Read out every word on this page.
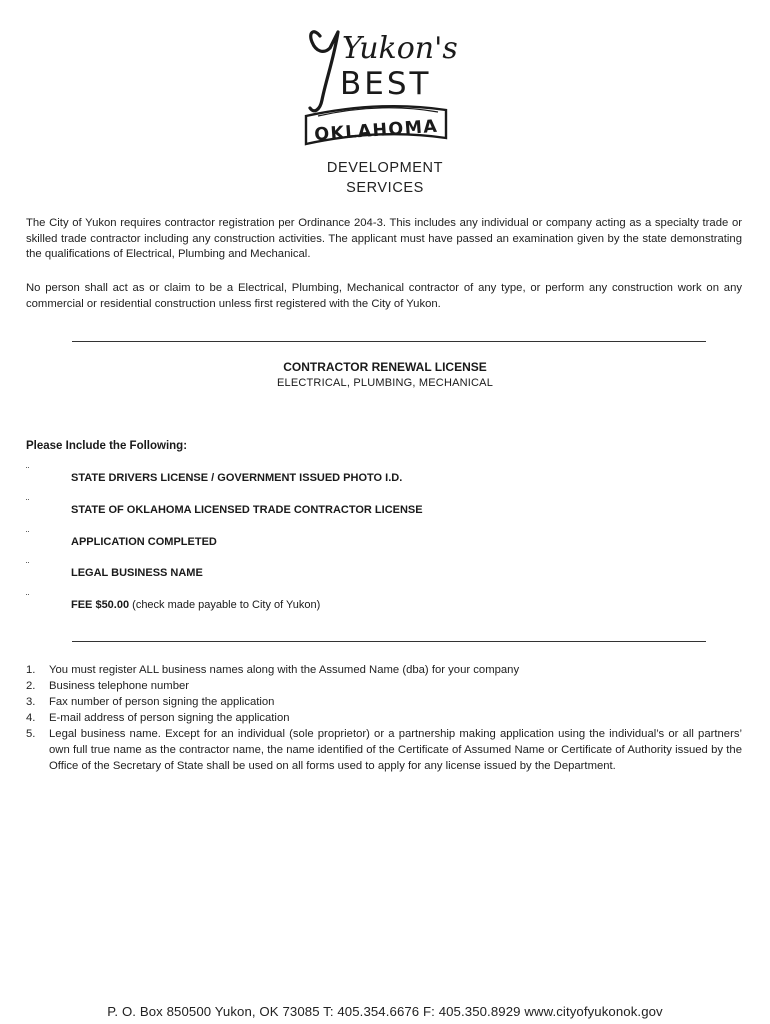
Yukon's
BEST
OKLAHOMA
DEVELOPMENT
SERVICES
The City of Yukon requires contractor registration per Ordinance 204-3. This includes any individual or company acting as a specialty trade or skilled trade contractor including any construction activities. The applicant must have passed an examination given by the state demonstrating the qualifications of Electrical, Plumbing and Mechanical.
No person shall act as or claim to be a Electrical, Plumbing, Mechanical contractor of any type, or perform any construction work on any commercial or residential construction unless first registered with the City of Yukon.
CONTRACTOR RENEWAL LICENSE
ELECTRICAL, PLUMBING, MECHANICAL
Please Include the Following:
¨
STATE DRIVERS LICENSE / GOVERNMENT ISSUED PHOTO I.D.
¨
STATE OF OKLAHOMA LICENSED TRADE CONTRACTOR LICENSE
¨
APPLICATION COMPLETED
¨
LEGAL BUSINESS NAME
¨
FEE $50.00 (check made payable to City of Yukon)
1.	You must register ALL business names along with the Assumed Name (dba) for your company
2.	Business telephone number
3.	Fax number of person signing the application
4.	E-mail address of person signing the application
5.	Legal business name. Except for an individual (sole proprietor) or a partnership making application using the individual’s or all partners’ own full true name as the contractor name, the name identified of the Certificate of Assumed Name or Certificate of Authority issued by the Office of the Secretary of State shall be used on all forms used to apply for any license issued by the Department.
P. O. Box 850500 Yukon, OK 73085 T: 405.354.6676 F: 405.350.8929 www.cityofyukonok.gov
